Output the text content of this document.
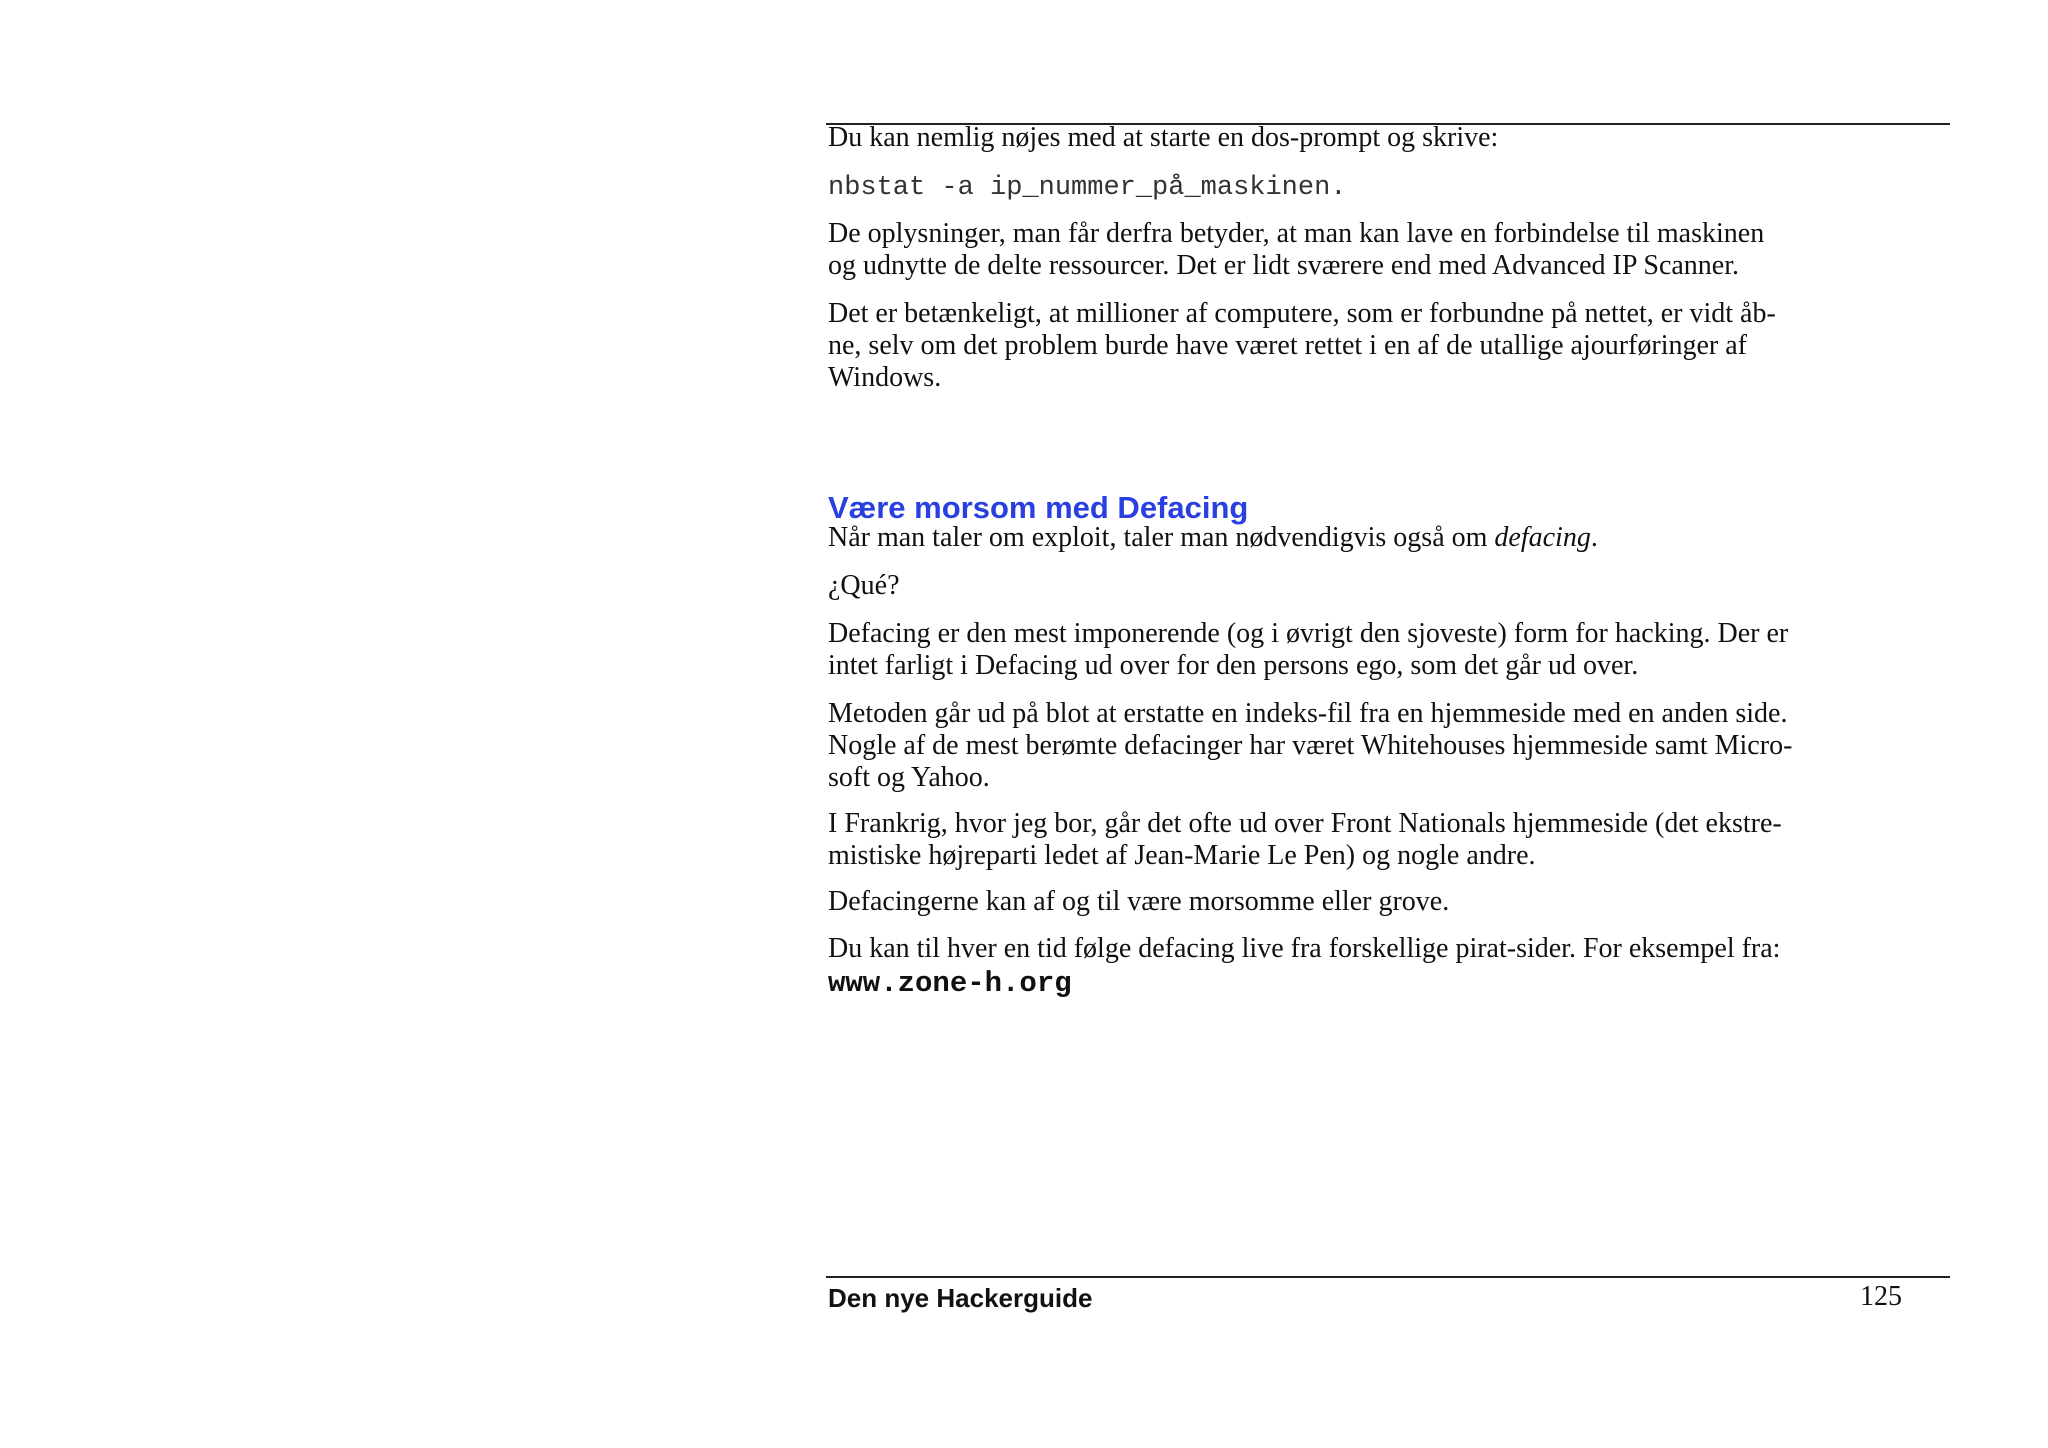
Du kan nemlig nøjes med at starte en dos-prompt og skrive:

nbstat -a ip_nummer_på_maskinen.

De oplysninger, man får derfra betyder, at man kan lave en forbindelse til maskinen
og udnytte de delte ressourcer. Det er lidt sværere end med Advanced IP Scanner.
Det er betænkeligt, at millioner af computere, som er forbundne på nettet, er vidt åb-
ne, selv om det problem burde have været rettet i en af de utallige ajourføringer af
Windows.
Være morsom med Defacing

Når man taler om exploit, taler man nødvendigvis også om defacing.

¿Qué?

Defacing er den mest imponerende (og i øvrigt den sjoveste) form for hacking. Der er
intet farligt i Defacing ud over for den persons ego, som det går ud over.
Metoden går ud på blot at erstatte en indeks-fil fra en hjemmeside med en anden side.
Nogle af de mest berømte defacinger har været Whitehouses hjemmeside samt Micro-
soft og Yahoo.
I Frankrig, hvor jeg bor, går det ofte ud over Front Nationals hjemmeside (det ekstre-
mistiske højreparti ledet af Jean-Marie Le Pen) og nogle andre.

Defacingerne kan af og til være morsomme eller grove.

Du kan til hver en tid følge defacing live fra forskellige pirat-sider. For eksempel fra:

www.zone-h.org

Den nye Hackerguide	125
